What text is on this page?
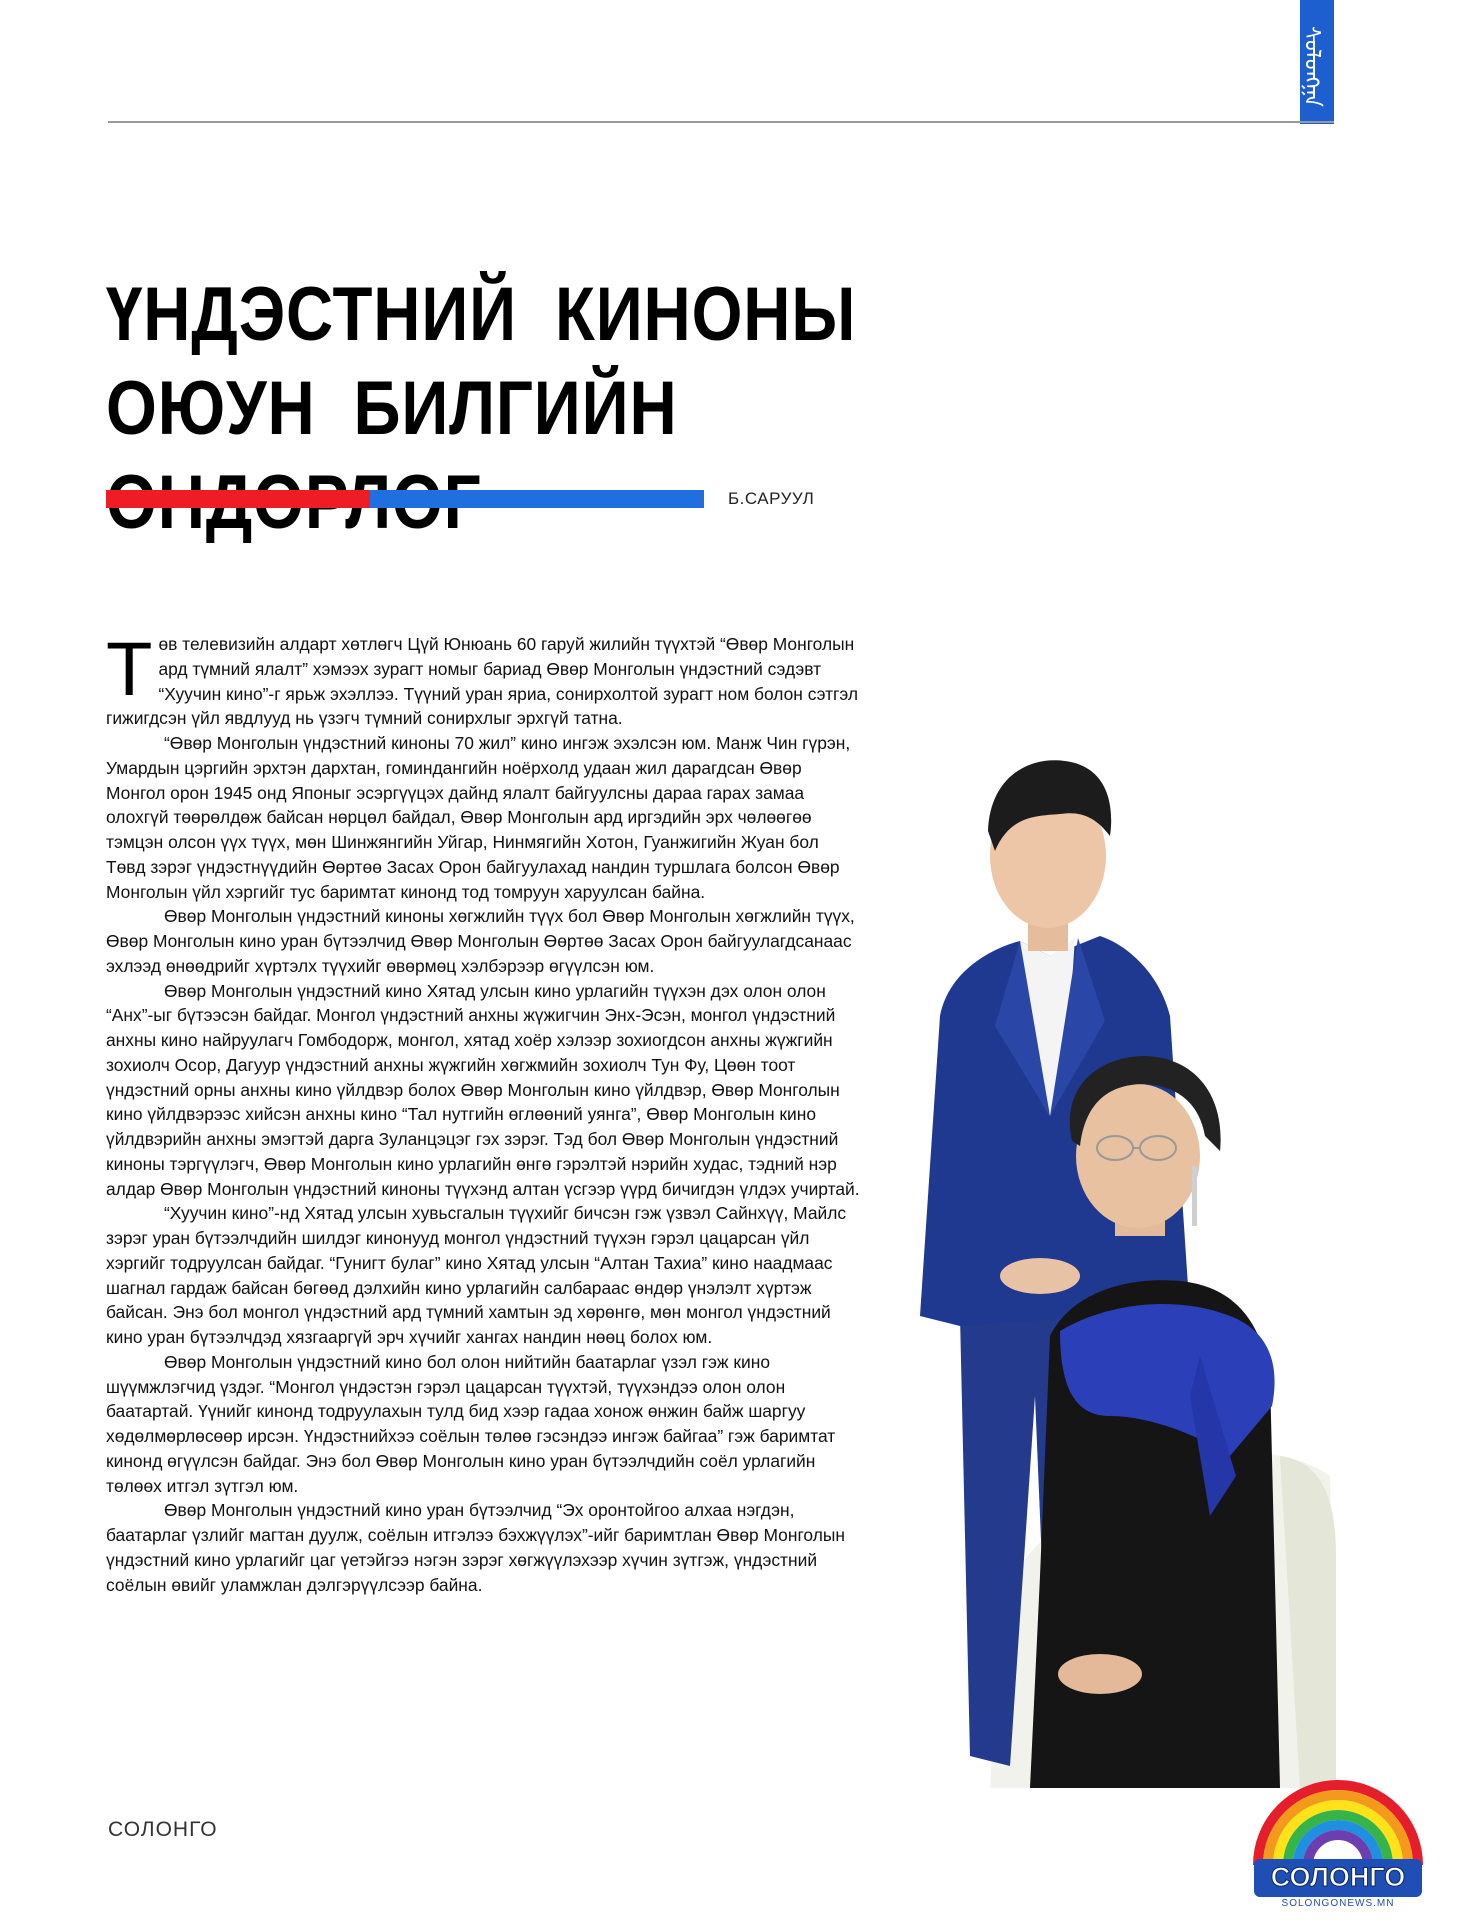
ᠰᠣᠯᠣᠩᠭᠠ
ҮНДЭСТНИЙ КИНОНЫ
ОЮУН БИЛГИЙН
Б.САРУУЛ

Төв телевизийн алдарт хөтлөгч Цүй Юнюань 60 гаруй жилийн түүхтэй “Өвөр Монголын ард түмний ялалт” хэмээх зурагт номыг бариад Өвөр Монголын үндэстний сэдэвт “Хуучин кино”-г ярьж эхэллээ. Түүний уран яриа, сонирхолтой зурагт ном болон сэтгэл гижигдсэн үйл явдлууд нь үзэгч түмний сонирхлыг эрхгүй татна.

“Өвөр Монголын үндэстний киноны 70 жил” кино ингэж эхэлсэн юм. Манж Чин гүрэн, Умардын цэргийн эрхтэн дархтан, гоминдангийн ноёрхолд удаан жил дарагдсан Өвөр Монгол орон 1945 онд Японыг эсэргүүцэх дайнд ялалт байгуулсны дараа гарах замаа олохгүй төөрөлдөж байсан нөрцөл байдал, Өвөр Монголын ард иргэдийн эрх чөлөөгөө тэмцэн олсон үүх түүх, мөн Шинжянгийн Уйгар, Нинмягийн Хотон, Гуанжигийн Жуан бол Төвд зэрэг үндэстнүүдийн Өөртөө Засах Орон байгуулахад нандин туршлага болсон Өвөр Монголын үйл хэргийг тус баримтат кинонд тод томруун харуулсан байна.

Өвөр Монголын үндэстний киноны хөгжлийн түүх бол Өвөр Монголын хөгжлийн түүх, Өвөр Монголын кино уран бүтээлчид Өвөр Монголын Өөртөө Засах Орон байгуулагдсанаас эхлээд өнөөдрийг хүртэлх түүхийг өвөрмөц хэлбэрээр өгүүлсэн юм.

Өвөр Монголын үндэстний кино Хятад улсын кино урлагийн түүхэн дэх олон олон “Анх”-ыг бүтээсэн байдаг. Монгол үндэстний анхны жүжигчин Энх-Эсэн, монгол үндэстний анхны кино найруулагч Гомбодорж, монгол, хятад хоёр хэлээр зохиогдсон анхны жүжгийн зохиолч Осор, Дагуур үндэстний анхны жүжгийн хөгжмийн зохиолч Тун Фу, Цөөн тоот үндэстний орны анхны кино үйлдвэр болох Өвөр Монголын кино үйлдвэр, Өвөр Монголын кино үйлдвэрээс хийсэн анхны кино “Тал нутгийн өглөөний уянга”, Өвөр Монголын кино үйлдвэрийн анхны эмэгтэй дарга Зуланцэцэг гэх зэрэг. Тэд бол Өвөр Монголын үндэстний киноны тэргүүлэгч, Өвөр Монголын кино урлагийн өнгө гэрэлтэй нэрийн худас, тэдний нэр алдар Өвөр Монголын үндэстний киноны түүхэнд алтан үсгээр үүрд бичигдэн үлдэх учиртай.

“Хуучин кино”-нд Хятад улсын хувьсгалын түүхийг бичсэн гэж үзвэл Сайнхүү, Майлс зэрэг уран бүтээлчдийн шилдэг кинонууд монгол үндэстний түүхэн гэрэл цацарсан үйл хэргийг тодруулсан байдаг. “Гунигт булаг” кино Хятад улсын “Алтан Тахиа” кино наадмаас шагнал гардаж байсан бөгөөд дэлхийн кино урлагийн салбараас өндөр үнэлэлт хүртэж байсан. Энэ бол монгол үндэстний ард түмний хамтын эд хөрөнгө, мөн монгол үндэстний кино уран бүтээлчдэд хязгааргүй эрч хүчийг хангах нандин нөөц болох юм.

Өвөр Монголын үндэстний кино бол олон нийтийн баатарлаг үзэл гэж кино шүүмжлэгчид үздэг. “Монгол үндэстэн гэрэл цацарсан түүхтэй, түүхэндээ олон олон баатартай. Үүнийг кинонд тодруулахын тулд бид хээр гадаа хонож өнжин байж шаргуу хөдөлмөрлөсөөр ирсэн. Үндэстнийхээ соёлын төлөө гэсэндээ ингэж байгаа” гэж баримтат кинонд өгүүлсэн байдаг. Энэ бол Өвөр Монголын кино уран бүтээлчдийн соёл урлагийн төлөөх итгэл зүтгэл юм.

Өвөр Монголын үндэстний кино уран бүтээлчид “Эх оронтойгоо алхаа нэгдэн, баатарлаг үзлийг магтан дуулж, соёлын итгэлээ бэхжүүлэх”-ийг баримтлан Өвөр Монголын үндэстний кино урлагийг цаг үетэйгээ нэгэн зэрэг хөгжүүлэхээр хүчин зүтгэж, үндэстний соёлын өвийг уламжлан дэлгэрүүлсээр байна.

СОЛОНГО
СОЛОНГО
SOLONGONEWS.MN
